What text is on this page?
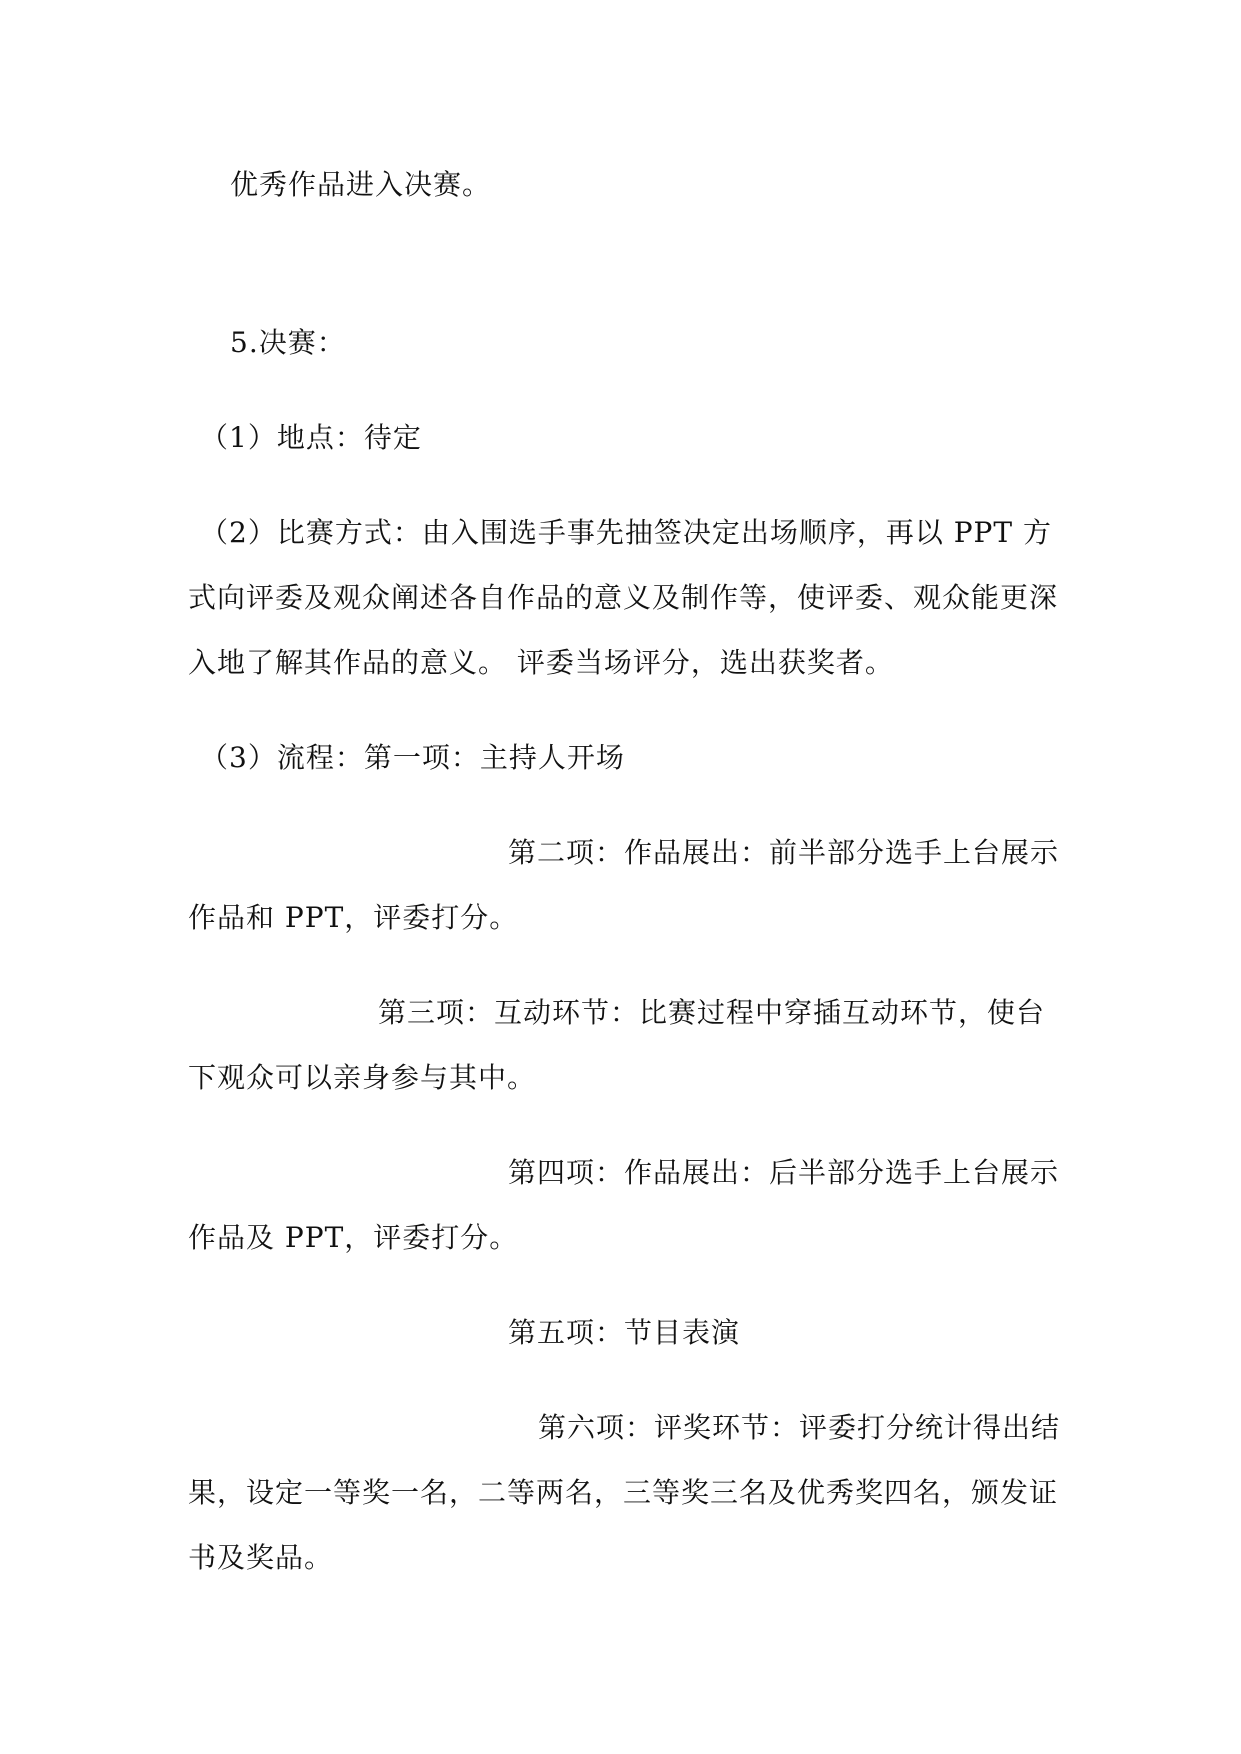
优秀作品进入决赛。
5.决赛：
（1）地点：待定
（2）比赛方式：由入围选手事先抽签决定出场顺序，再以 PPT 方
式向评委及观众阐述各自作品的意义及制作等，使评委、观众能更深
入地了解其作品的意义。 评委当场评分，选出获奖者。
（3）流程：第一项：主持人开场
第二项：作品展出：前半部分选手上台展示
作品和 PPT，评委打分。
第三项：互动环节：比赛过程中穿插互动环节，使台
下观众可以亲身参与其中。
第四项：作品展出：后半部分选手上台展示
作品及 PPT，评委打分。
第五项：节目表演
第六项：评奖环节：评委打分统计得出结
果，设定一等奖一名，二等两名，三等奖三名及优秀奖四名，颁发证
书及奖品。
